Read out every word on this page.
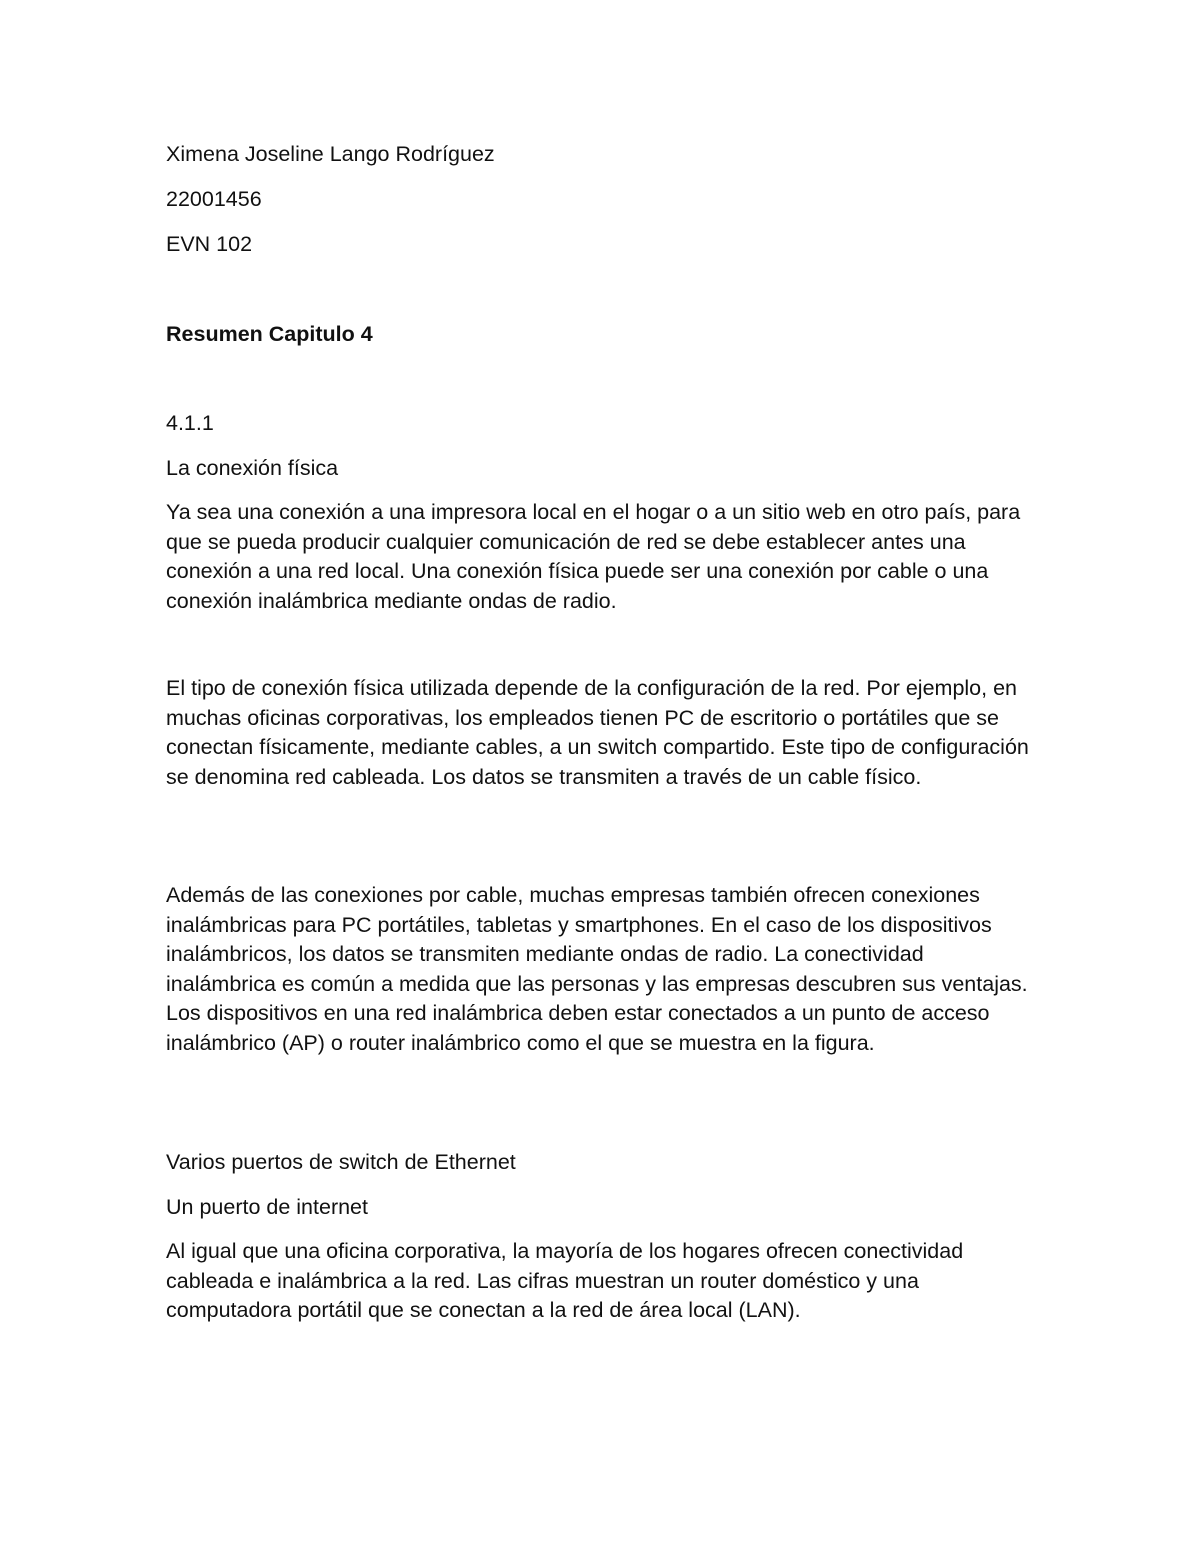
Ximena Joseline Lango Rodríguez

22001456

EVN 102

Resumen Capitulo 4

4.1.1

La conexión física

Ya sea una conexión a una impresora local en el hogar o a un sitio web en otro país, para que se pueda producir cualquier comunicación de red se debe establecer antes una conexión a una red local. Una conexión física puede ser una conexión por cable o una conexión inalámbrica mediante ondas de radio.

El tipo de conexión física utilizada depende de la configuración de la red. Por ejemplo, en muchas oficinas corporativas, los empleados tienen PC de escritorio o portátiles que se conectan físicamente, mediante cables, a un switch compartido. Este tipo de configuración se denomina red cableada. Los datos se transmiten a través de un cable físico.

Además de las conexiones por cable, muchas empresas también ofrecen conexiones inalámbricas para PC portátiles, tabletas y smartphones. En el caso de los dispositivos inalámbricos, los datos se transmiten mediante ondas de radio. La conectividad inalámbrica es común a medida que las personas y las empresas descubren sus ventajas. Los dispositivos en una red inalámbrica deben estar conectados a un punto de acceso inalámbrico (AP) o router inalámbrico como el que se muestra en la figura.

Varios puertos de switch de Ethernet

Un puerto de internet

Al igual que una oficina corporativa, la mayoría de los hogares ofrecen conectividad cableada e inalámbrica a la red. Las cifras muestran un router doméstico y una computadora portátil que se conectan a la red de área local (LAN).
